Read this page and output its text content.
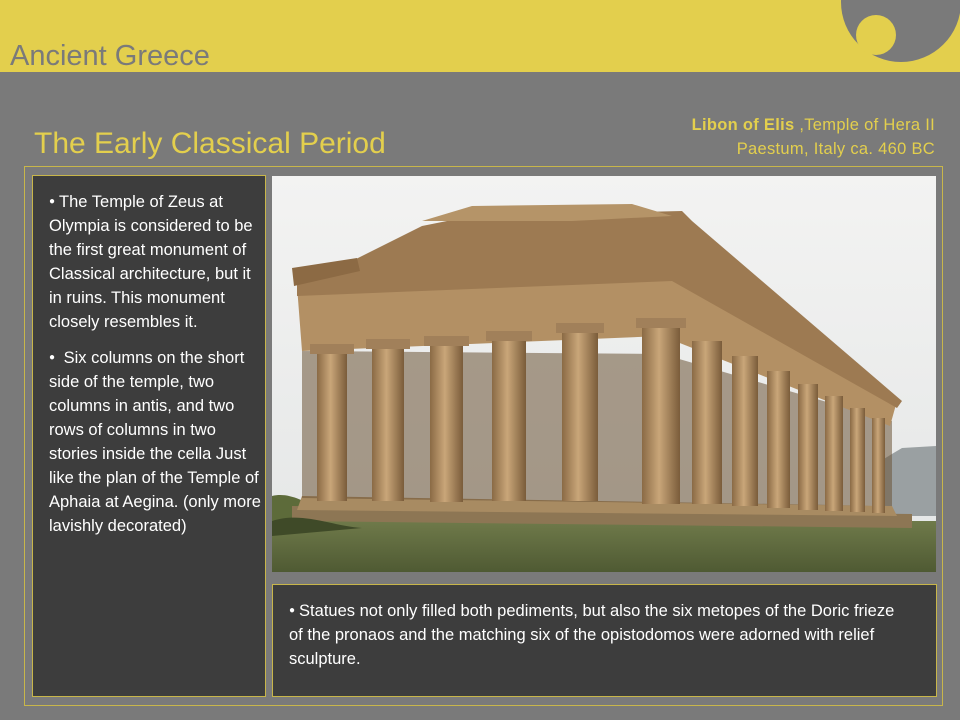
Ancient Greece
The Early Classical Period
Libon of Elis ,Temple of Hera II
Paestum, Italy ca. 460 BC

● The Temple of Zeus at Olympia is considered to be the first great monument of Classical architecture, but it in ruins. This monument closely resembles it.

● Six columns on the short side of the temple, two columns in antis, and two rows of columns in two stories inside the cella Just like the plan of the Temple of Aphaia at Aegina. (only more lavishly decorated)

● Statues not only filled both pediments, but also the six metopes of the Doric frieze of the pronaos and the matching six of the opistodomos were adorned with relief sculpture.
